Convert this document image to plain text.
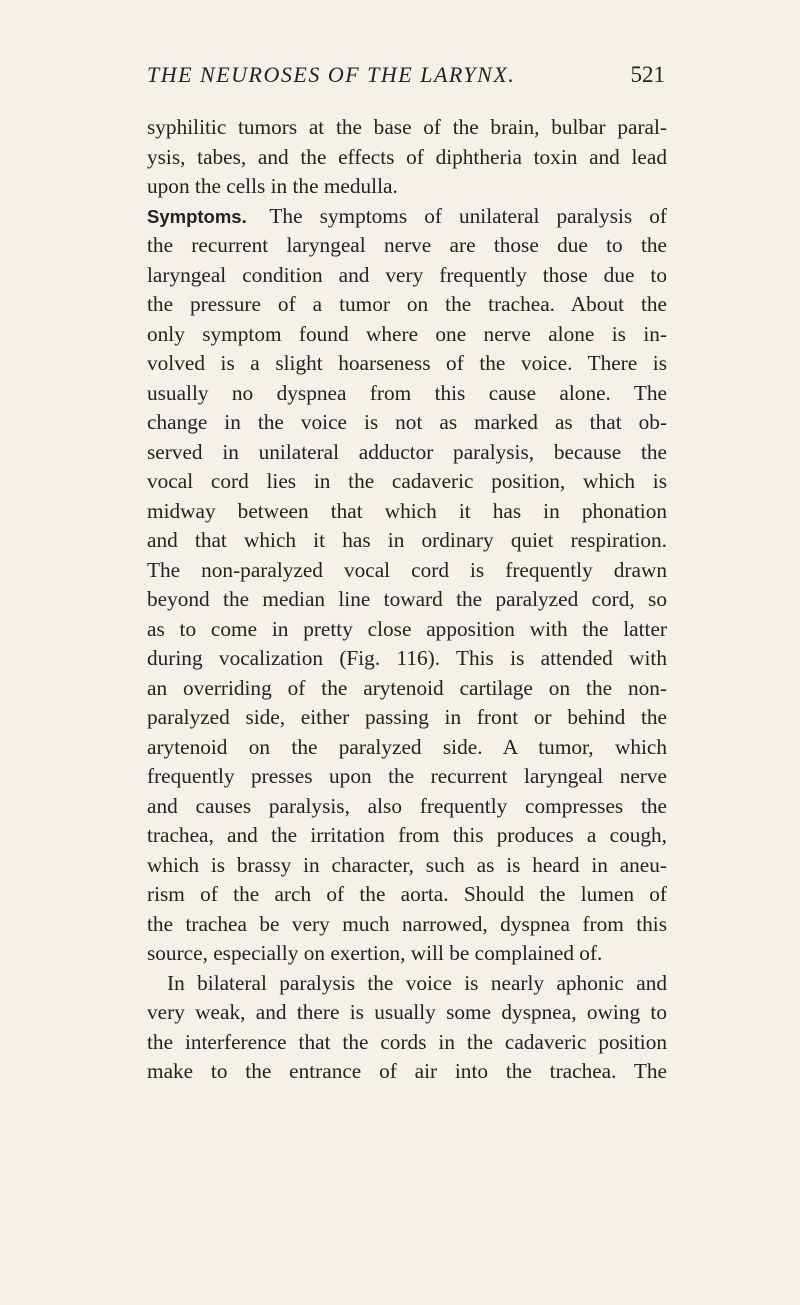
THE NEUROSES OF THE LARYNX.	521
syphilitic tumors at the base of the brain, bulbar paral-
ysis, tabes, and the effects of diphtheria toxin and lead
upon the cells in the medulla.
Symptoms. The symptoms of unilateral paralysis of
the recurrent laryngeal nerve are those due to the
laryngeal condition and very frequently those due to
the pressure of a tumor on the trachea. About the
only symptom found where one nerve alone is in-
volved is a slight hoarseness of the voice. There is
usually no dyspnea from this cause alone. The
change in the voice is not as marked as that ob-
served in unilateral adductor paralysis, because the
vocal cord lies in the cadaveric position, which is
midway between that which it has in phonation
and that which it has in ordinary quiet respiration.
The non-paralyzed vocal cord is frequently drawn
beyond the median line toward the paralyzed cord, so
as to come in pretty close apposition with the latter
during vocalization (Fig. 116). This is attended with
an overriding of the arytenoid cartilage on the non-
paralyzed side, either passing in front or behind the
arytenoid on the paralyzed side. A tumor, which
frequently presses upon the recurrent laryngeal nerve
and causes paralysis, also frequently compresses the
trachea, and the irritation from this produces a cough,
which is brassy in character, such as is heard in aneu-
rism of the arch of the aorta. Should the lumen of
the trachea be very much narrowed, dyspnea from this
source, especially on exertion, will be complained of.
In bilateral paralysis the voice is nearly aphonic and
very weak, and there is usually some dyspnea, owing to
the interference that the cords in the cadaveric position
make to the entrance of air into the trachea. The
